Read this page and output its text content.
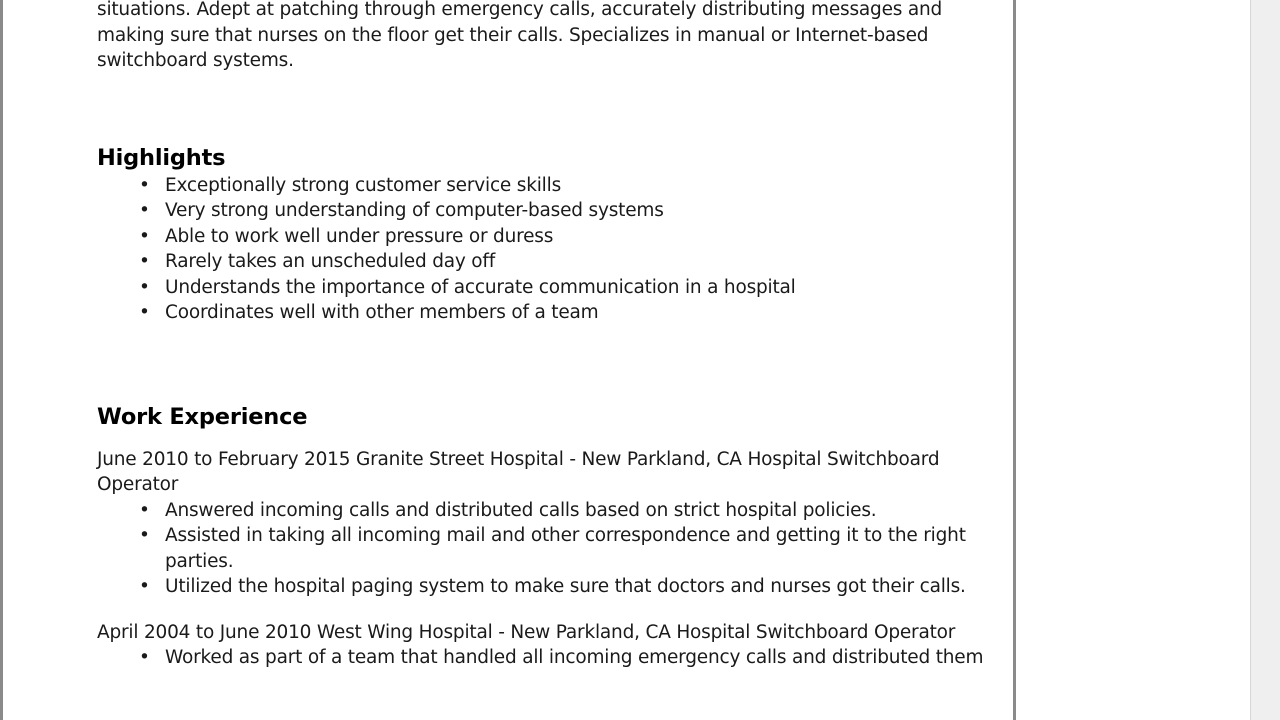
situations. Adept at patching through emergency calls, accurately distributing messages and

making sure that nurses on the floor get their calls. Specializes in manual or Internet-based

switchboard systems.

Highlights
• Exceptionally strong customer service skills
• Very strong understanding of computer-based systems
• Able to work well under pressure or duress
• Rarely takes an unscheduled day off
• Understands the importance of accurate communication in a hospital
• Coordinates well with other members of a team
Work Experience

June 2010 to February 2015 Granite Street Hospital - New Parkland, CA Hospital Switchboard

Operator

• Answered incoming calls and distributed calls based on strict hospital policies.
• Assisted in taking all incoming mail and other correspondence and getting it to the right parties.
• Utilized the hospital paging system to make sure that doctors and nurses got their calls.

April 2004 to June 2010 West Wing Hospital - New Parkland, CA Hospital Switchboard Operator

• Worked as part of a team that handled all incoming emergency calls and distributed them
